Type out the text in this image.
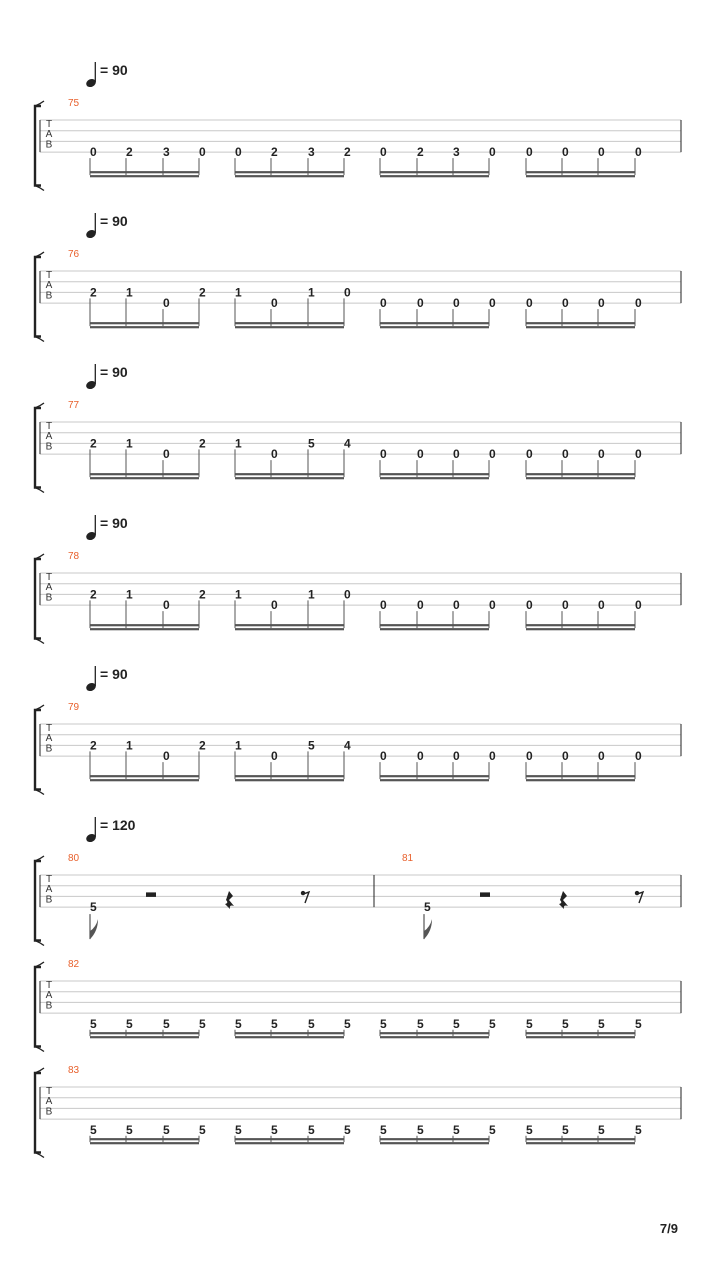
= 90
T
A
B
75
0 2	3 0 0 2	3 2 0	2 3 0	0 0 0	0
= 90
T
A
B
76
2 1
0
2 1
0
1 0
0	0 0 0	0 0 0	0
= 90
T
A
B
77
2 1
0
2 1
0
5 4
0	0 0 0	0 0 0	0
= 90
T
A
B
78
2 1
0
2 1
0
1 0
0	0 0 0	0 0 0	0
= 90
T
A
B
79
2 1
0
2 1
0
5 4
0	0 0 0	0 0 0	0
= 120
T
A
B
80
5
81
5
T
A
B
82
5 5	5 5 5 5	5 5 5	5 5 5	5 5 5	5
T
A
B
83
5 5	5 5 5 5	5 5 5	5 5 5	5 5 5	5
7/9
